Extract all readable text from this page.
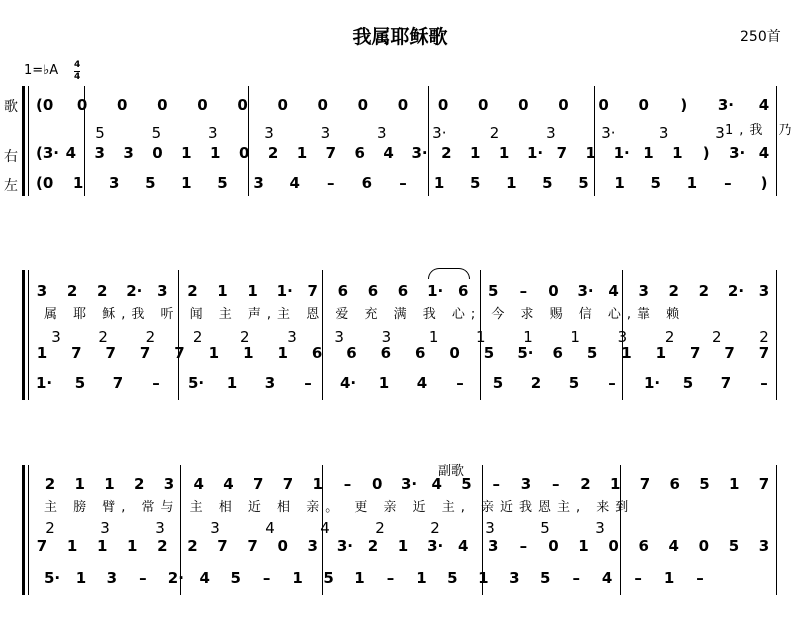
我属耶稣歌	250首
1=♭A 4
4
歌
右
左
副歌
(0 0 0 0 0 0 0 0 0 0 0 0 0 0 0 0 ) 3· 4
5	5	3	3	3	3	3·	2	3	3·	3	3
(3· 4 3 3 0 1 1 0 2 1 7 6 4 3· 2 1 1 1· 7 1 1· 1 1 ) 3· 4
(0 1 3 5 1 5 3 4 – 6 – 1 5 1 5 5 1 5 1 – )
3 2 2 2· 3 2 1 1 1· 7 6 6 6 1· 6 5 – 0 3· 4 3 2 2 2· 3
3	2	2	2	2	3	3	3	1	1	1	1	3	2	2	2
1 7 7 7 7 1 1 1 6 6 6 6 0 5 5· 6 5 1 1 7 7 7
1· 5 7 – 5· 1 3 – 4· 1 4 – 5 2 5 – 1· 5 7 –
2 1 1 2 3 4 4 7 7 1 – 0 3· 4 5 – 3 – 2 1 7 6 5 1 7
2	3	3	3	4	4	2	2	3	5	3
7 1 1 1 2 2 7 7 0 3 3· 2 1 3· 4 3 – 0 1 0 6 4 0 5 3
5· 1 3 – 2· 4 5 – 1 5 1 – 1 5 1 3 5 – 4 – 1 –
1,我 乃
属 耶 稣,我 听 闻 主 声,主 恩 爱 充 满 我 心; 今 求 赐 信 心,靠 赖
主 膀 臂, 常与 主 相 近 相 亲。 更 亲 近 主, 亲近我恩主, 来到
